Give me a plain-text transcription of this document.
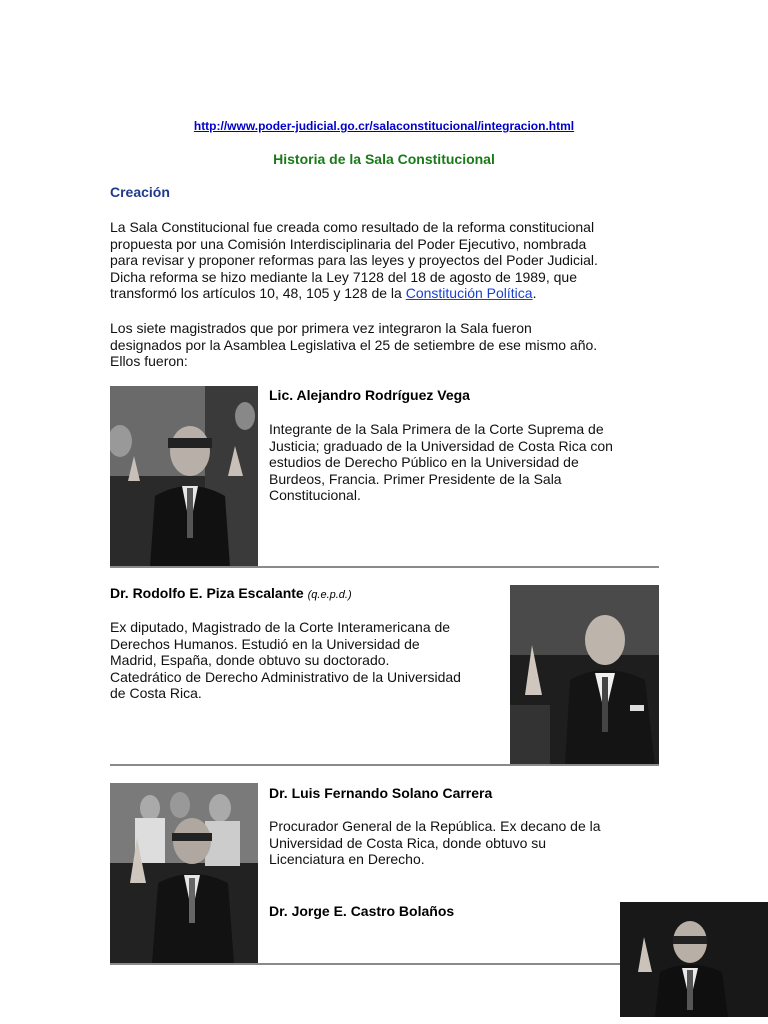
http://www.poder-judicial.go.cr/salaconstitucional/integracion.html
Historia de la Sala Constitucional
Creación
La Sala Constitucional fue creada como resultado de la reforma constitucional
propuesta por una Comisión Interdisciplinaria del Poder Ejecutivo, nombrada
para revisar y proponer reformas para las leyes y proyectos del Poder Judicial.
Dicha reforma se hizo mediante la Ley 7128 del 18 de agosto de 1989, que
transformó los artículos 10, 48, 105 y 128 de la Constitución Política.
Los siete magistrados que por primera vez integraron la Sala fueron
designados por la Asamblea Legislativa el 25 de setiembre de ese mismo año.
Ellos fueron:
Lic. Alejandro Rodríguez Vega
Integrante de la Sala Primera de la Corte Suprema de
Justicia; graduado de la Universidad de Costa Rica con
estudios de Derecho Público en la Universidad de
Burdeos, Francia. Primer Presidente de la Sala
Constitucional.
Dr. Rodolfo E. Piza Escalante (q.e.p.d.)
Ex diputado, Magistrado de la Corte Interamericana de
Derechos Humanos. Estudió en la Universidad de
Madrid, España, donde obtuvo su doctorado.
Catedrático de Derecho Administrativo de la Universidad
de Costa Rica.
Dr. Luis Fernando Solano Carrera
Procurador General de la República. Ex decano de la
Universidad de Costa Rica, donde obtuvo su
Licenciatura en Derecho.
Dr. Jorge E. Castro Bolaños
